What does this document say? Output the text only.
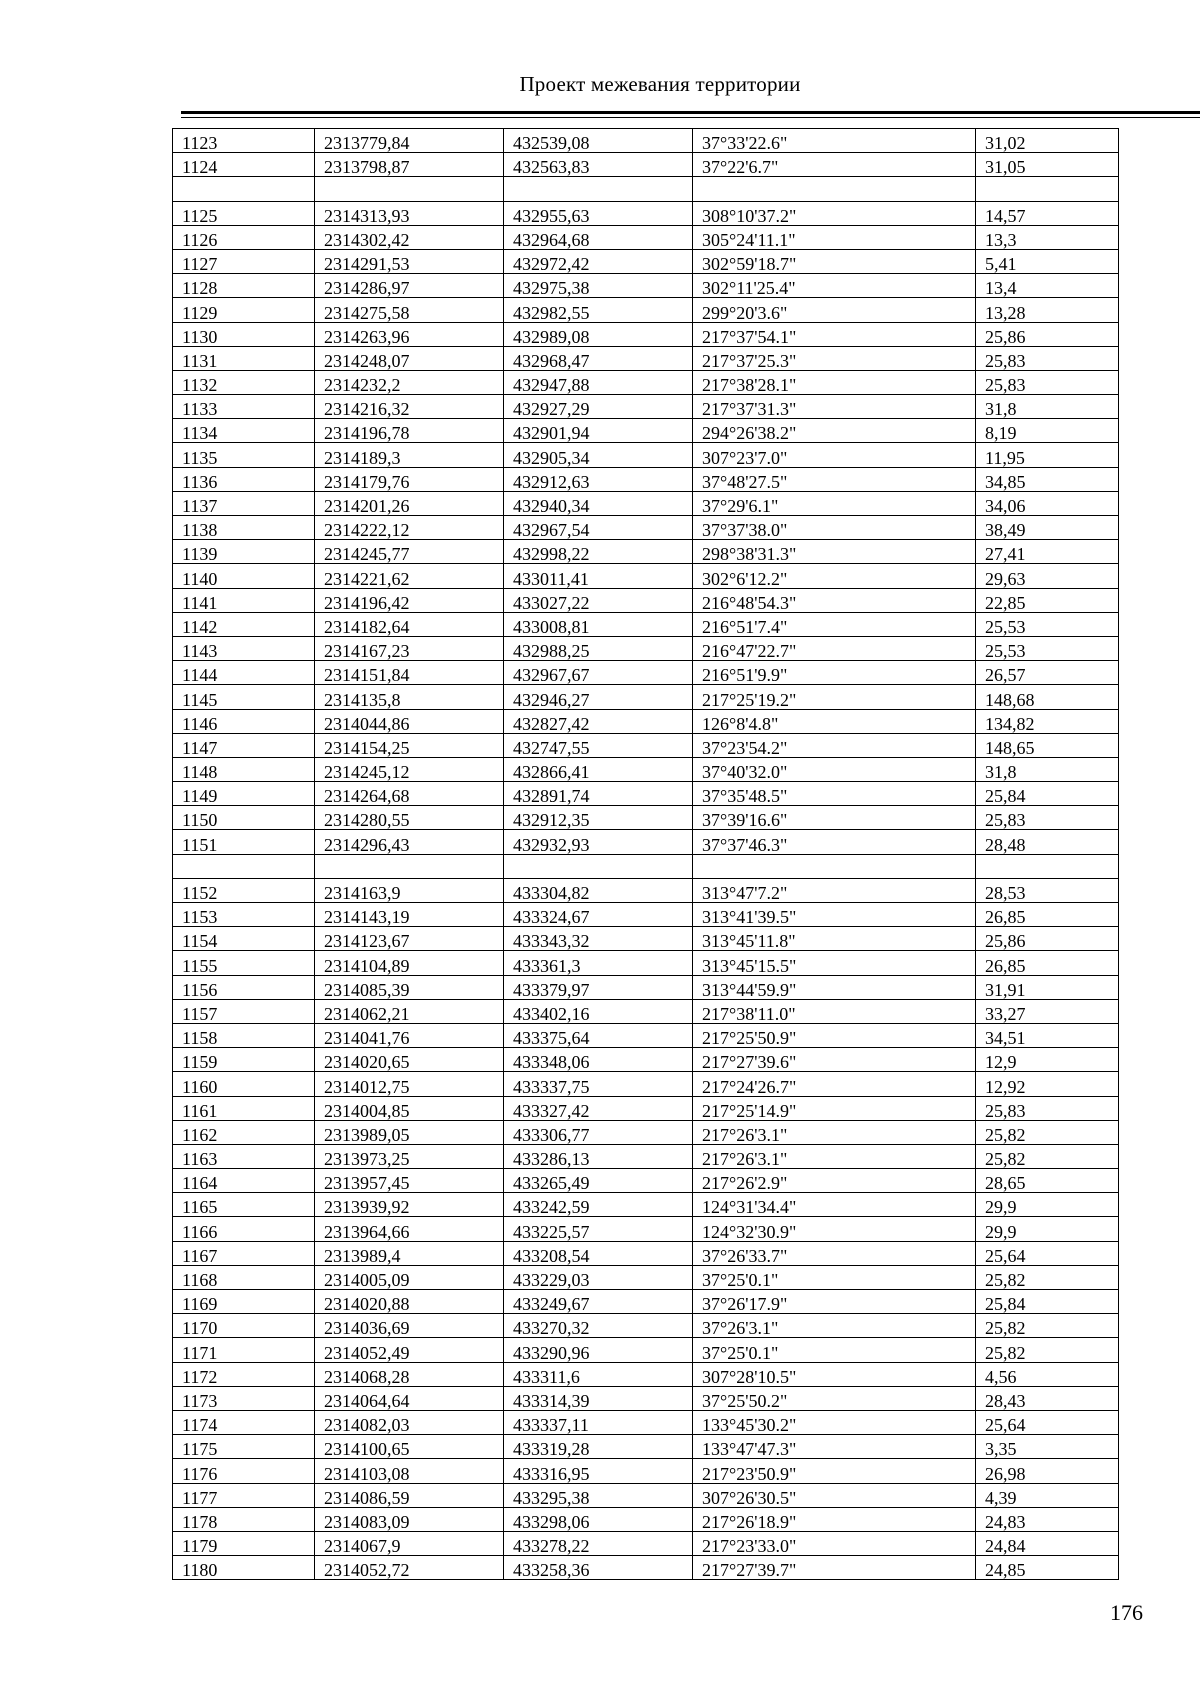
Проект межевания территории
1123	2313779,84	432539,08	37°33'22.6"	31,02
1124	2313798,87	432563,83	37°22'6.7"	31,05

1125	2314313,93	432955,63	308°10'37.2"	14,57
1126	2314302,42	432964,68	305°24'11.1"	13,3
1127	2314291,53	432972,42	302°59'18.7"	5,41
1128	2314286,97	432975,38	302°11'25.4"	13,4
1129	2314275,58	432982,55	299°20'3.6"	13,28
1130	2314263,96	432989,08	217°37'54.1"	25,86
1131	2314248,07	432968,47	217°37'25.3"	25,83
1132	2314232,2	432947,88	217°38'28.1"	25,83
1133	2314216,32	432927,29	217°37'31.3"	31,8
1134	2314196,78	432901,94	294°26'38.2"	8,19
1135	2314189,3	432905,34	307°23'7.0"	11,95
1136	2314179,76	432912,63	37°48'27.5"	34,85
1137	2314201,26	432940,34	37°29'6.1"	34,06
1138	2314222,12	432967,54	37°37'38.0"	38,49
1139	2314245,77	432998,22	298°38'31.3"	27,41
1140	2314221,62	433011,41	302°6'12.2"	29,63
1141	2314196,42	433027,22	216°48'54.3"	22,85
1142	2314182,64	433008,81	216°51'7.4"	25,53
1143	2314167,23	432988,25	216°47'22.7"	25,53
1144	2314151,84	432967,67	216°51'9.9"	26,57
1145	2314135,8	432946,27	217°25'19.2"	148,68
1146	2314044,86	432827,42	126°8'4.8"	134,82
1147	2314154,25	432747,55	37°23'54.2"	148,65
1148	2314245,12	432866,41	37°40'32.0"	31,8
1149	2314264,68	432891,74	37°35'48.5"	25,84
1150	2314280,55	432912,35	37°39'16.6"	25,83
1151	2314296,43	432932,93	37°37'46.3"	28,48

1152	2314163,9	433304,82	313°47'7.2"	28,53
1153	2314143,19	433324,67	313°41'39.5"	26,85
1154	2314123,67	433343,32	313°45'11.8"	25,86
1155	2314104,89	433361,3	313°45'15.5"	26,85
1156	2314085,39	433379,97	313°44'59.9"	31,91
1157	2314062,21	433402,16	217°38'11.0"	33,27
1158	2314041,76	433375,64	217°25'50.9"	34,51
1159	2314020,65	433348,06	217°27'39.6"	12,9
1160	2314012,75	433337,75	217°24'26.7"	12,92
1161	2314004,85	433327,42	217°25'14.9"	25,83
1162	2313989,05	433306,77	217°26'3.1"	25,82
1163	2313973,25	433286,13	217°26'3.1"	25,82
1164	2313957,45	433265,49	217°26'2.9"	28,65
1165	2313939,92	433242,59	124°31'34.4"	29,9
1166	2313964,66	433225,57	124°32'30.9"	29,9
1167	2313989,4	433208,54	37°26'33.7"	25,64
1168	2314005,09	433229,03	37°25'0.1"	25,82
1169	2314020,88	433249,67	37°26'17.9"	25,84
1170	2314036,69	433270,32	37°26'3.1"	25,82
1171	2314052,49	433290,96	37°25'0.1"	25,82
1172	2314068,28	433311,6	307°28'10.5"	4,56
1173	2314064,64	433314,39	37°25'50.2"	28,43
1174	2314082,03	433337,11	133°45'30.2"	25,64
1175	2314100,65	433319,28	133°47'47.3"	3,35
1176	2314103,08	433316,95	217°23'50.9"	26,98
1177	2314086,59	433295,38	307°26'30.5"	4,39
1178	2314083,09	433298,06	217°26'18.9"	24,83
1179	2314067,9	433278,22	217°23'33.0"	24,84
1180	2314052,72	433258,36	217°27'39.7"	24,85
176
